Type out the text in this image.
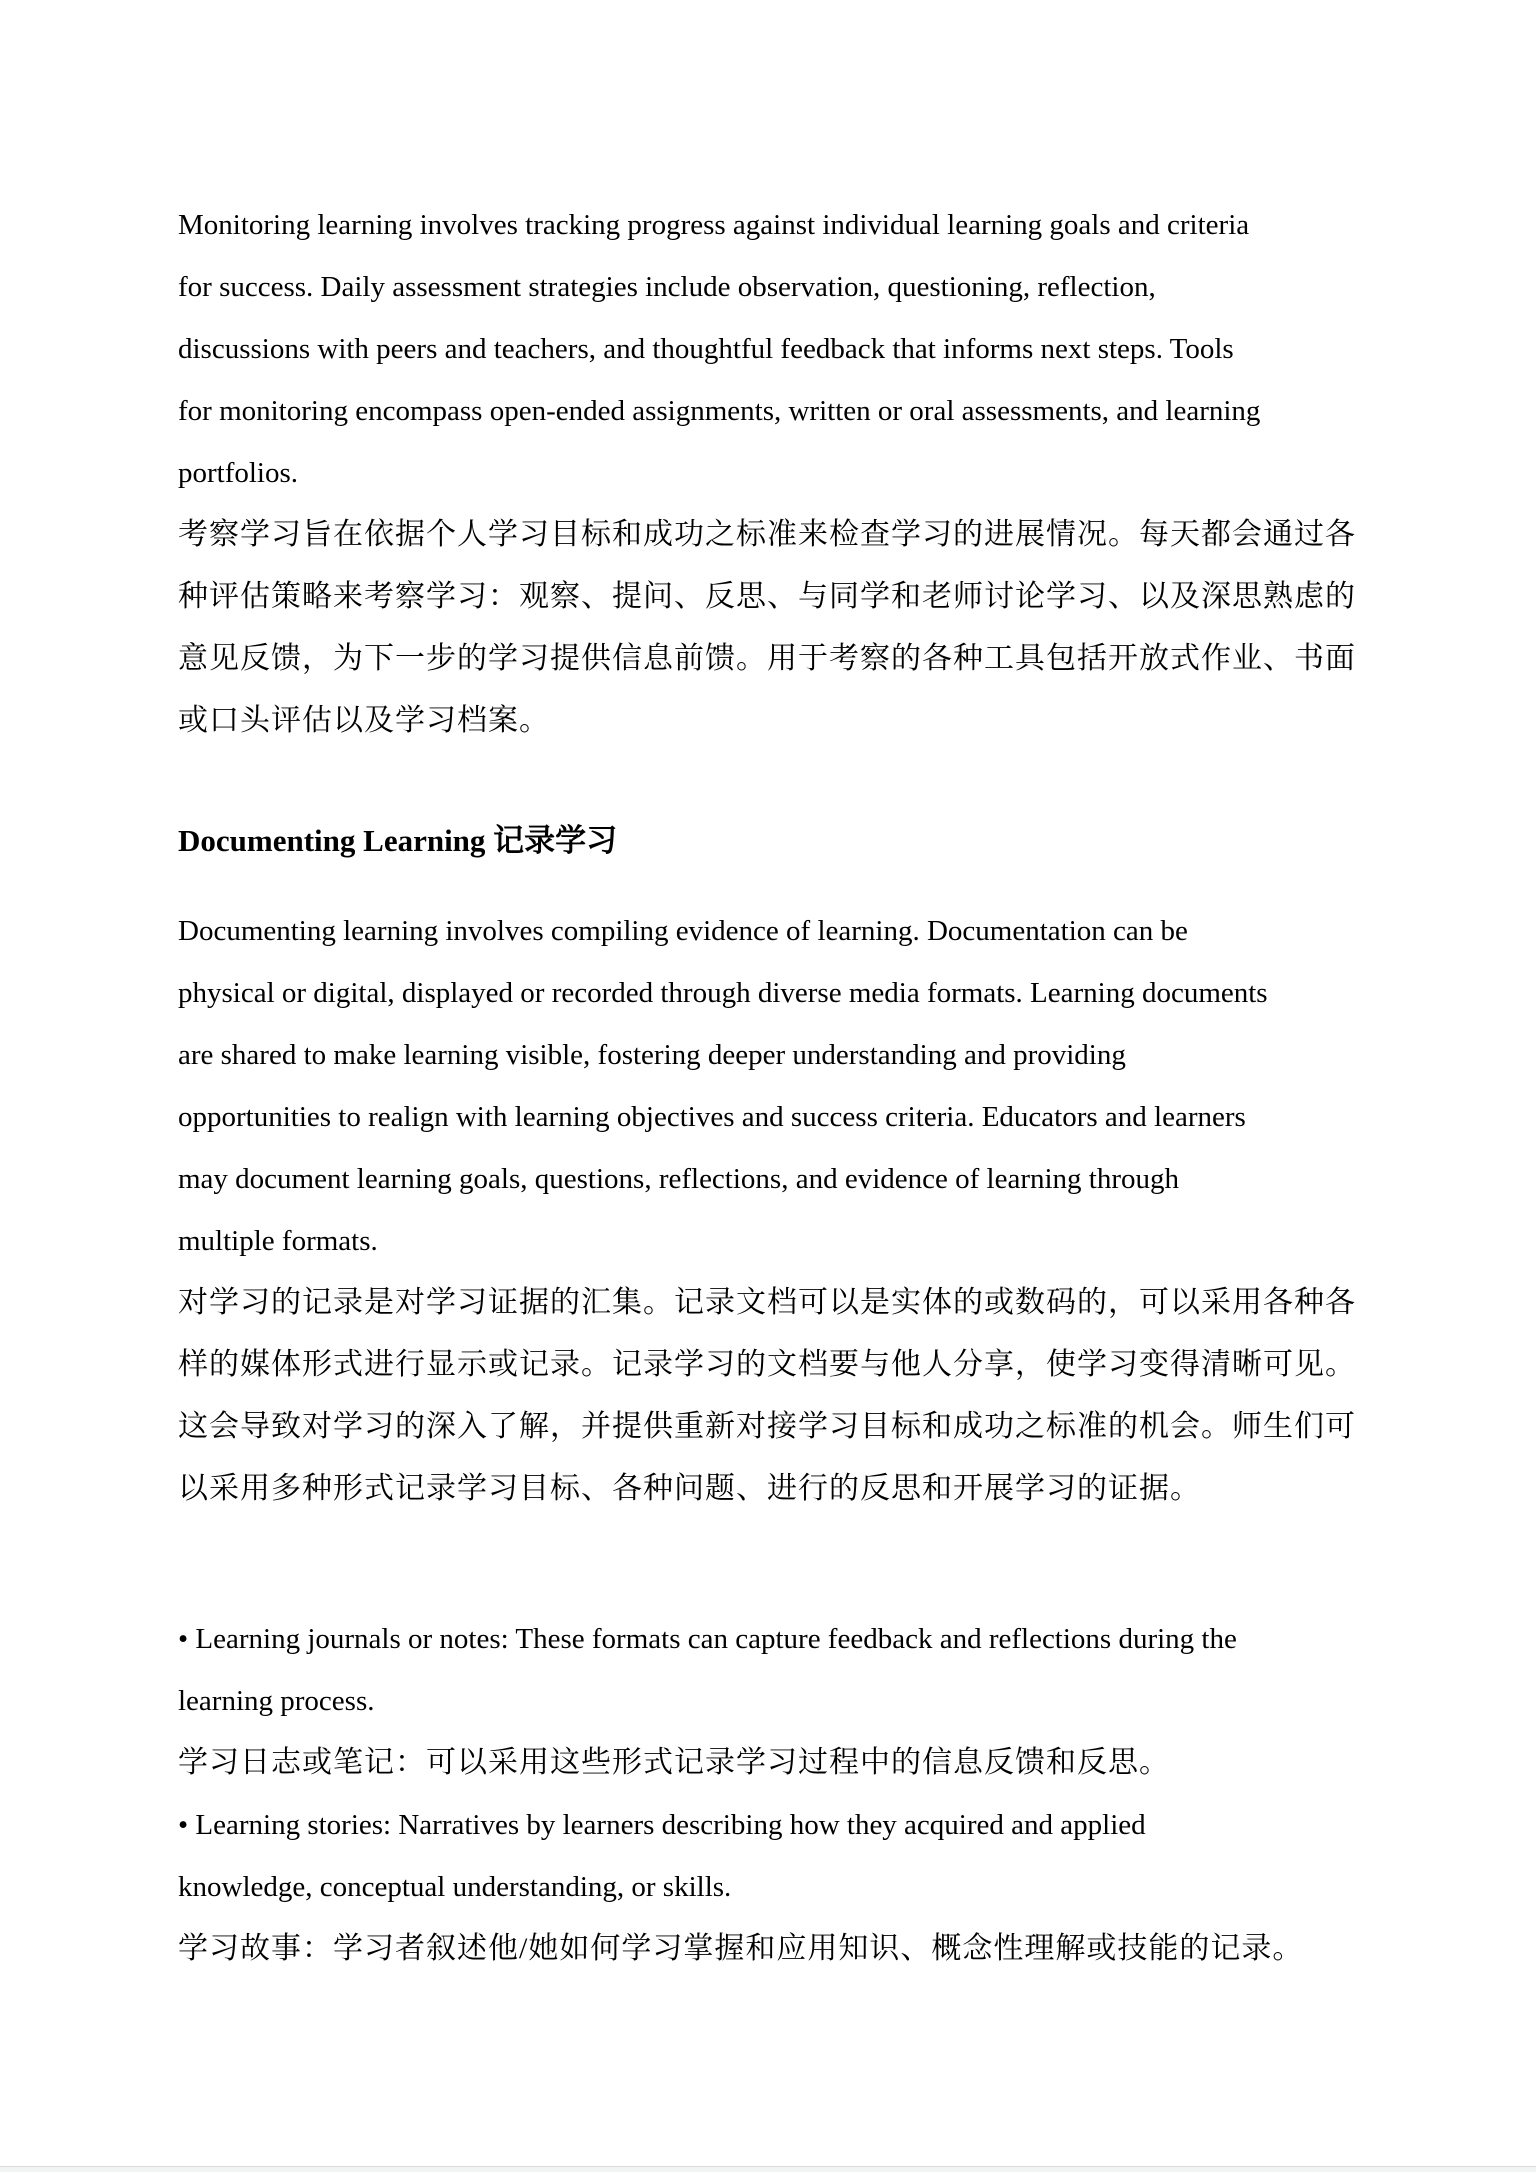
Monitoring learning involves tracking progress against individual learning goals and criteria
for success. Daily assessment strategies include observation, questioning, reflection,
discussions with peers and teachers, and thoughtful feedback that informs next steps. Tools
for monitoring encompass open-ended assignments, written or oral assessments, and learning
portfolios.
考察学习旨在依据个人学习目标和成功之标准来检查学习的进展情况。每天都会通过各
种评估策略来考察学习：观察、提问、反思、与同学和老师讨论学习、以及深思熟虑的
意见反馈，为下一步的学习提供信息前馈。用于考察的各种工具包括开放式作业、书面
或口头评估以及学习档案。
Documenting Learning 记录学习
Documenting learning involves compiling evidence of learning. Documentation can be
physical or digital, displayed or recorded through diverse media formats. Learning documents
are shared to make learning visible, fostering deeper understanding and providing
opportunities to realign with learning objectives and success criteria. Educators and learners
may document learning goals, questions, reflections, and evidence of learning through
multiple formats.
对学习的记录是对学习证据的汇集。记录文档可以是实体的或数码的，可以采用各种各
样的媒体形式进行显示或记录。记录学习的文档要与他人分享，使学习变得清晰可见。
这会导致对学习的深入了解，并提供重新对接学习目标和成功之标准的机会。师生们可
以采用多种形式记录学习目标、各种问题、进行的反思和开展学习的证据。
• Learning journals or notes: These formats can capture feedback and reflections during the
learning process.
学习日志或笔记：可以采用这些形式记录学习过程中的信息反馈和反思。
• Learning stories: Narratives by learners describing how they acquired and applied
knowledge, conceptual understanding, or skills.
学习故事：学习者叙述他/她如何学习掌握和应用知识、概念性理解或技能的记录。
